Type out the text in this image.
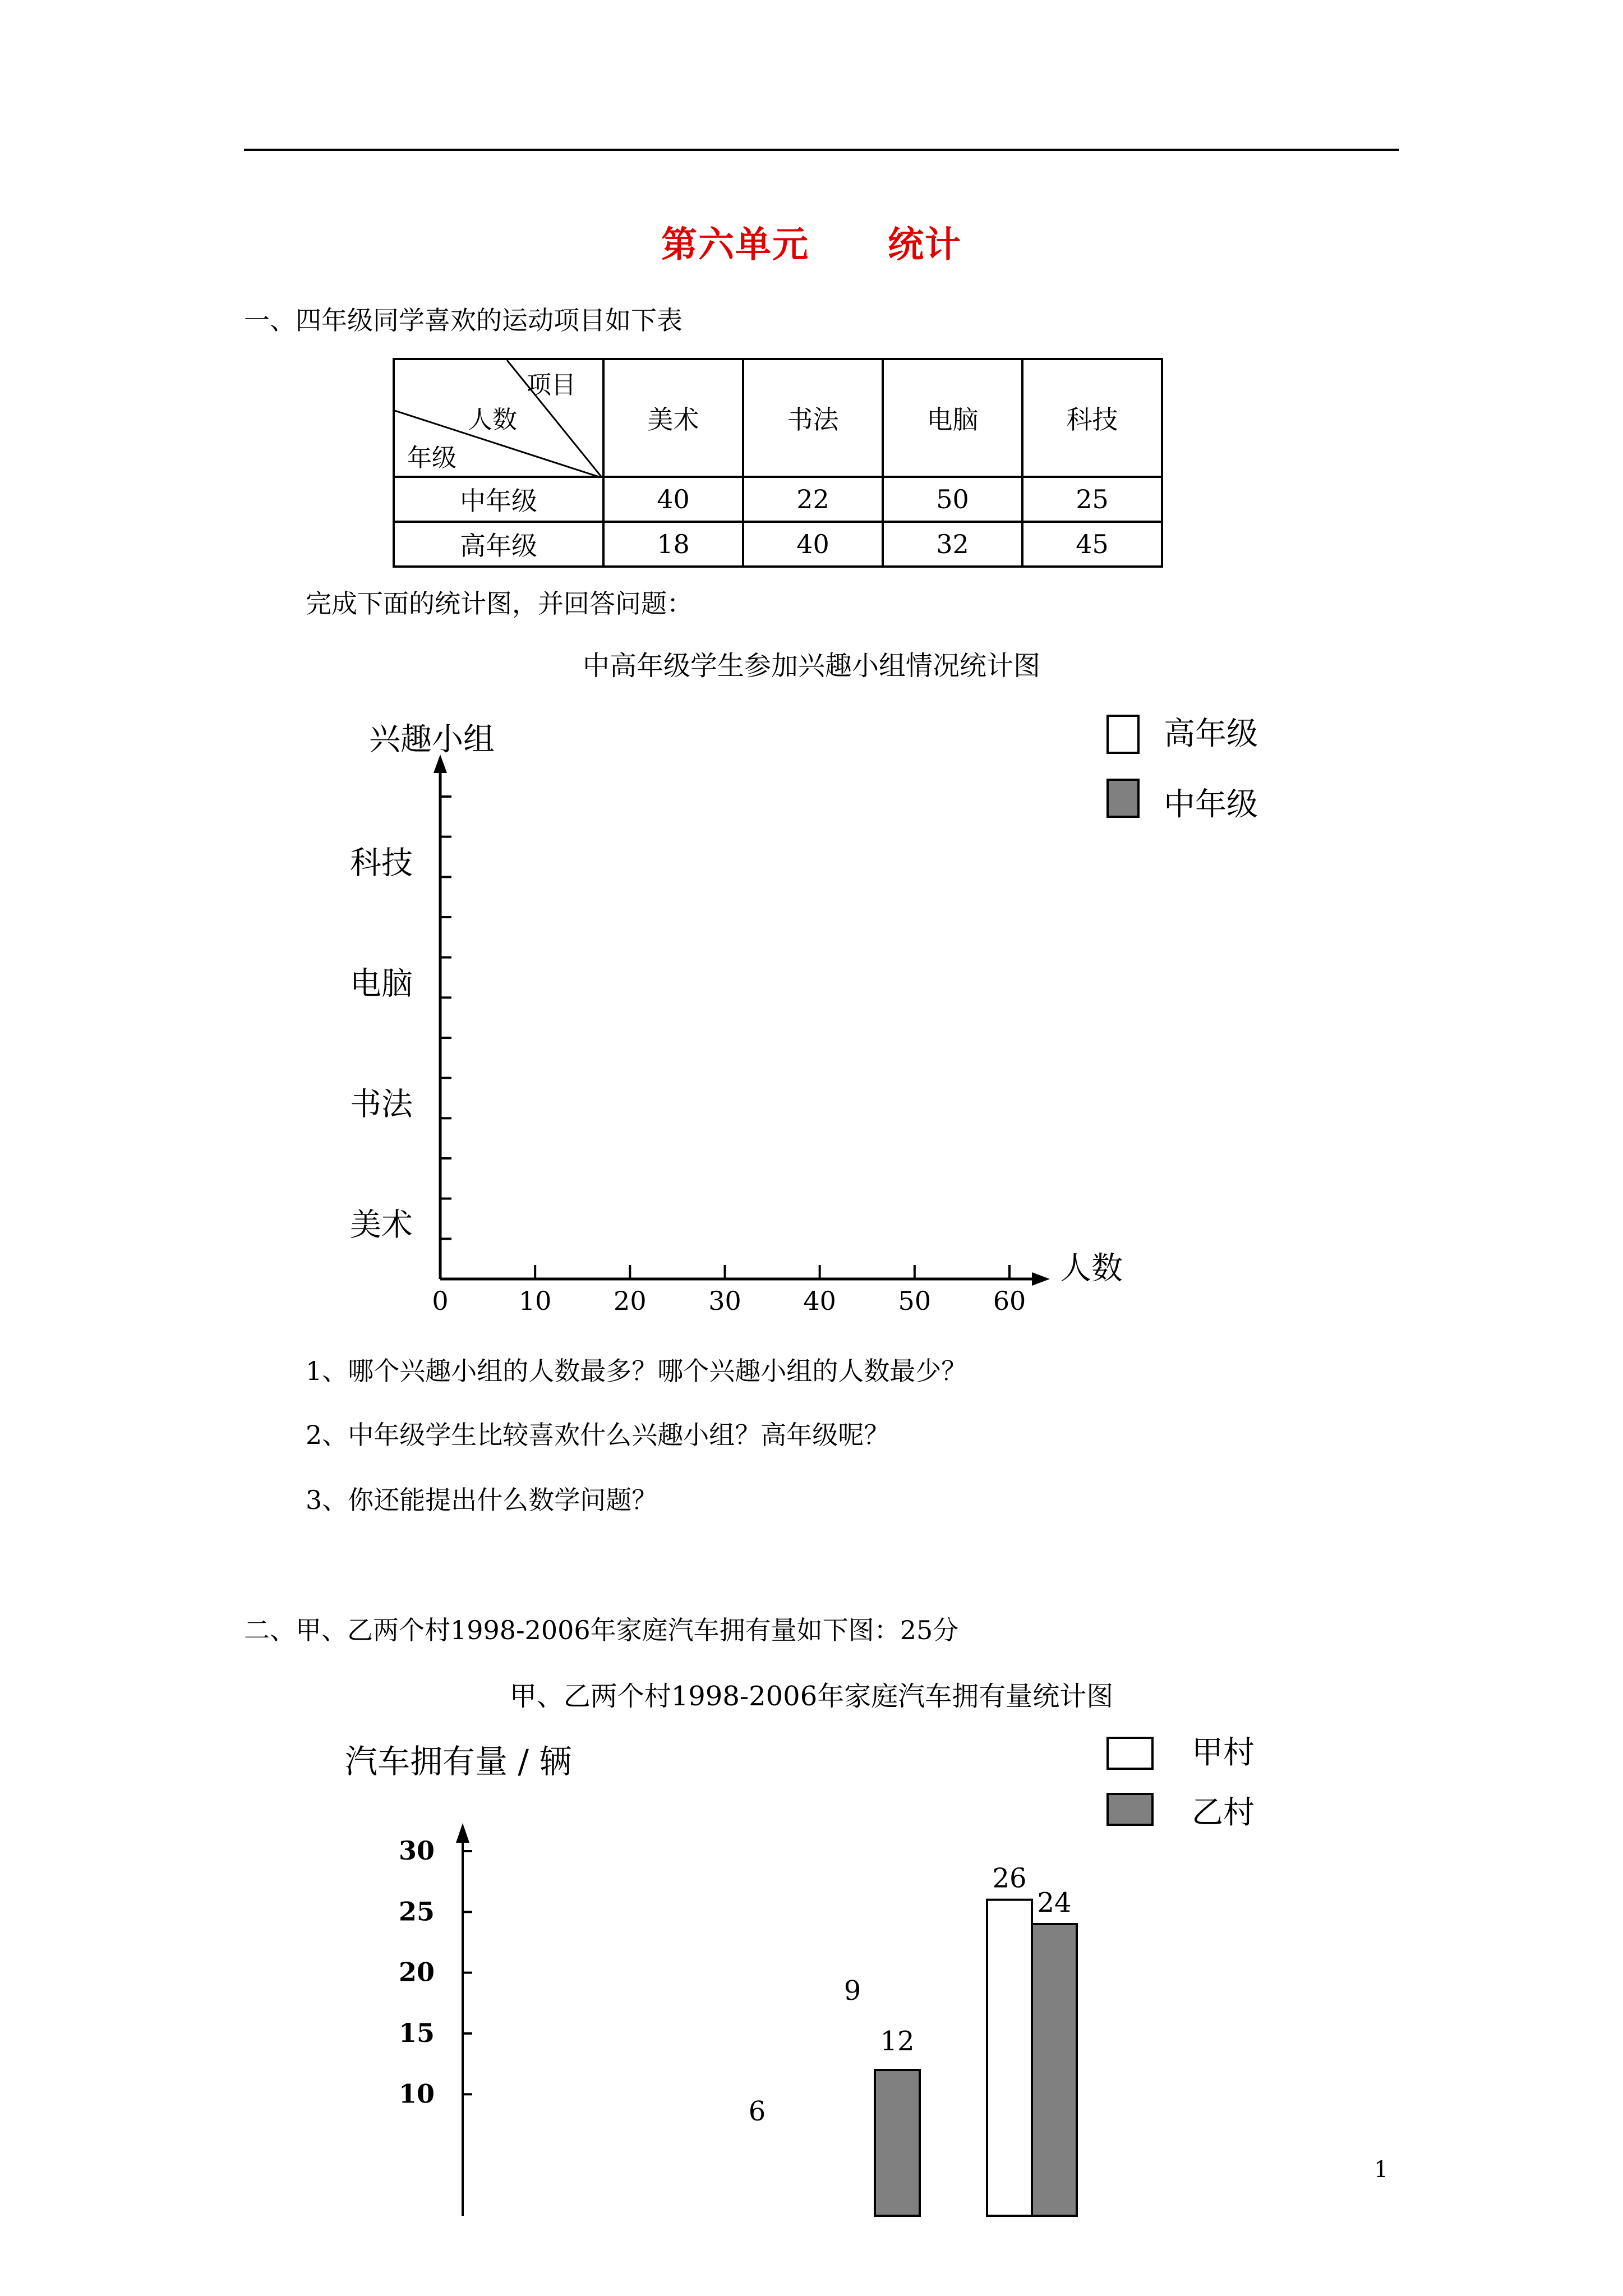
第六单元 统计
一、四年级同学喜欢的运动项目如下表
项目
人数
年级	美术	书法	电脑	科技
中年级	40	22	50	25
高年级	18	40	32	45
完成下面的统计图，并回答问题：
中高年级学生参加兴趣小组情况统计图
0	10 20 30 40 50 60
兴趣小组
人数
美术
书法
电脑
科技
高年级
中年级
1、哪个兴趣小组的人数最多？哪个兴趣小组的人数最少？
2、中年级学生比较喜欢什么兴趣小组？高年级呢？
3、你还能提出什么数学问题？
二、甲、乙两个村1998-2006年家庭汽车拥有量如下图：25分
甲、乙两个村1998-2006年家庭汽车拥有量统计图
汽车拥有量 / 辆
30
25
20
15
10
6
9
12
26
24
甲村
乙村
1
